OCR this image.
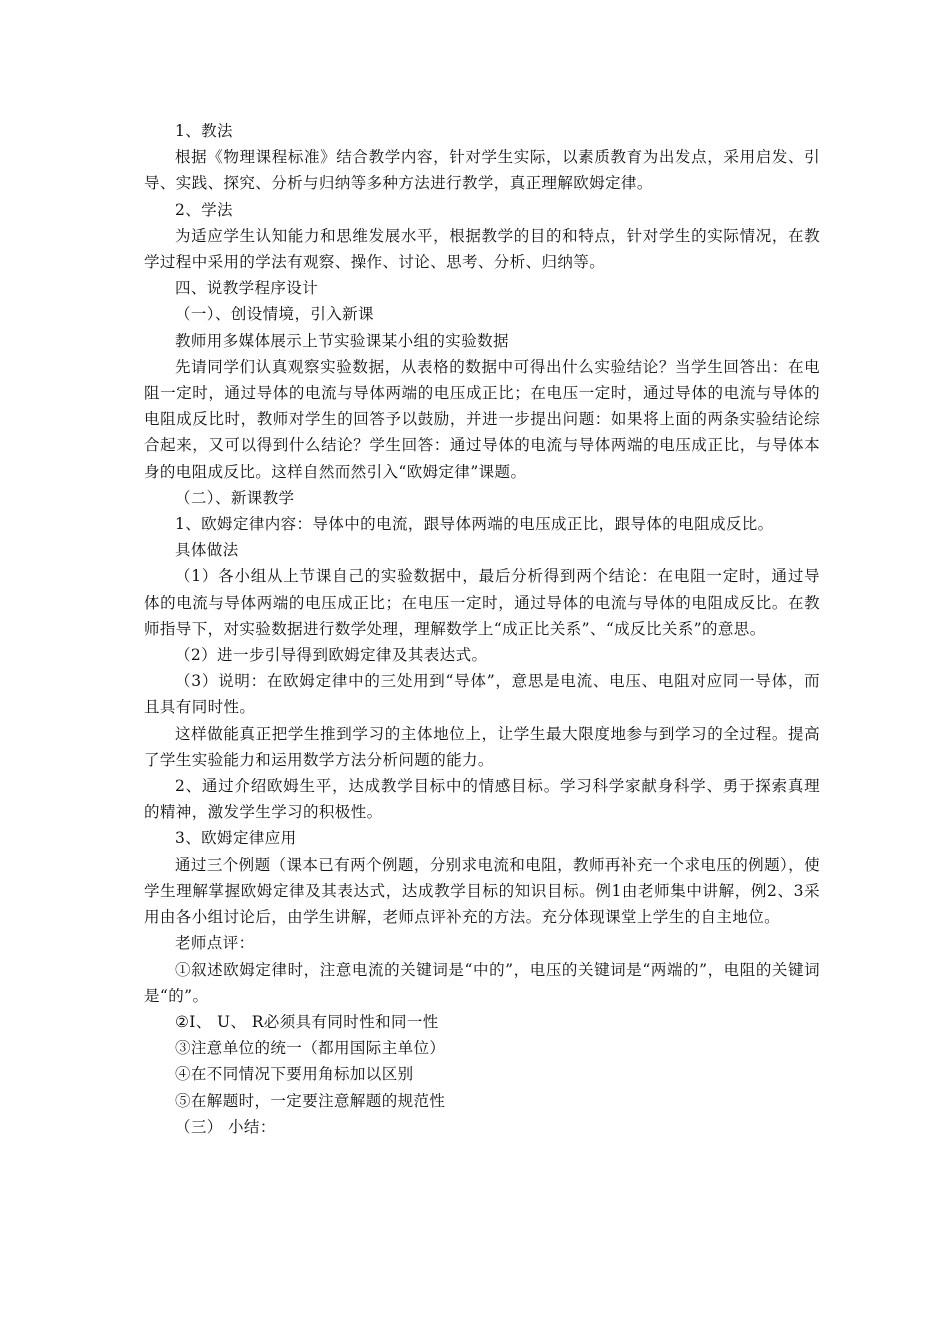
1、教法

根据《物理课程标准》结合教学内容，针对学生实际，以素质教育为出发点，采用启发、引导、实践、探究、分析与归纳等多种方法进行教学，真正理解欧姆定律。

2、学法

为适应学生认知能力和思维发展水平，根据教学的目的和特点，针对学生的实际情况，在教学过程中采用的学法有观察、操作、讨论、思考、分析、归纳等。

四、说教学程序设计

（一）、创设情境，引入新课

教师用多媒体展示上节实验课某小组的实验数据

先请同学们认真观察实验数据，从表格的数据中可得出什么实验结论？当学生回答出：在电阻一定时，通过导体的电流与导体两端的电压成正比；在电压一定时，通过导体的电流与导体的电阻成反比时，教师对学生的回答予以鼓励，并进一步提出问题：如果将上面的两条实验结论综合起来，又可以得到什么结论？学生回答：通过导体的电流与导体两端的电压成正比，与导体本身的电阻成反比。这样自然而然引入“欧姆定律”课题。

（二）、新课教学

1、欧姆定律内容：导体中的电流，跟导体两端的电压成正比，跟导体的电阻成反比。

具体做法

（1）各小组从上节课自己的实验数据中，最后分析得到两个结论：在电阻一定时，通过导体的电流与导体两端的电压成正比；在电压一定时，通过导体的电流与导体的电阻成反比。在教师指导下，对实验数据进行数学处理，理解数学上“成正比关系”、“成反比关系”的意思。

（2）进一步引导得到欧姆定律及其表达式。

（3）说明：在欧姆定律中的三处用到“导体”，意思是电流、电压、电阻对应同一导体，而且具有同时性。

这样做能真正把学生推到学习的主体地位上，让学生最大限度地参与到学习的全过程。提高了学生实验能力和运用数学方法分析问题的能力。

2、通过介绍欧姆生平，达成教学目标中的情感目标。学习科学家献身科学、勇于探索真理的精神，激发学生学习的积极性。

3、欧姆定律应用

通过三个例题（课本已有两个例题，分别求电流和电阻，教师再补充一个求电压的例题），使学生理解掌握欧姆定律及其表达式，达成教学目标的知识目标。例1由老师集中讲解，例2、3采用由各小组讨论后，由学生讲解，老师点评补充的方法。充分体现课堂上学生的自主地位。

老师点评：

①叙述欧姆定律时，注意电流的关键词是“中的”，电压的关键词是“两端的”，电阻的关键词是“的”。

②I、 U、 R必须具有同时性和同一性

③注意单位的统一（都用国际主单位）

④在不同情况下要用角标加以区别

⑤在解题时，一定要注意解题的规范性

（三） 小结：
